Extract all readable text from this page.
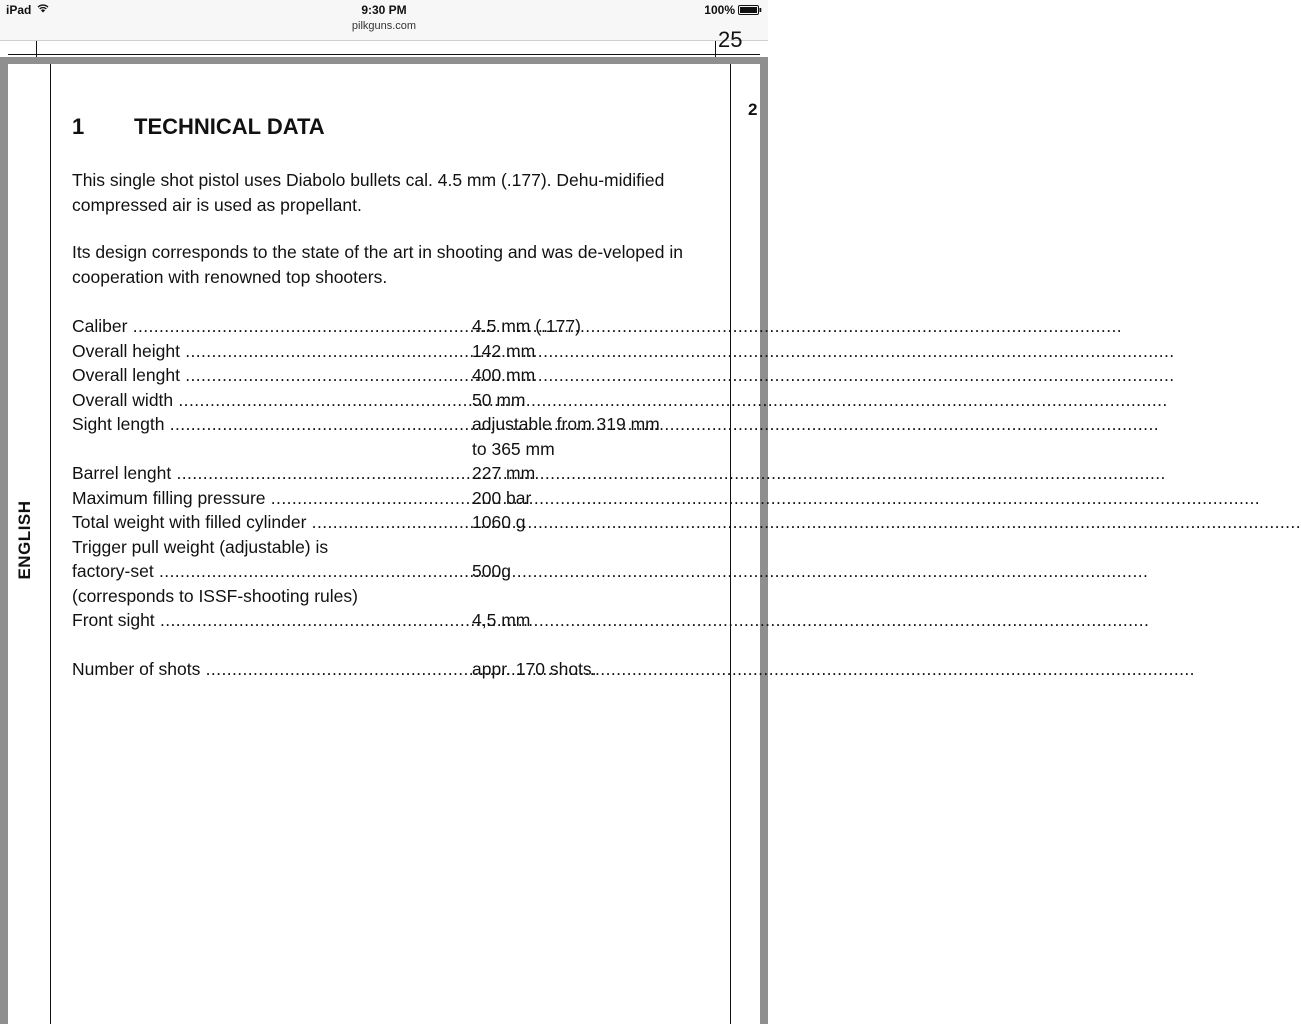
iPad	9:30 PM	100%
pilkguns.com
25
ENGLISH
2
1 TECHNICAL DATA

This single shot pistol uses Diabolo bullets cal. 4.5 mm (.177). Dehu-midified compressed air is used as propellant.

Its design corresponds to the state of the art in shooting and was de-veloped in cooperation with renowned top shooters.

Caliber .....	4.5 mm (.177)
Overall height .....	142 mm
Overall lenght .....	400 mm
Overall width .....	50 mm
Sight length .....	adjustable from 319 mm
to 365 mm
Barrel lenght .....	227 mm
Maximum filling pressure .....	200 bar
Total weight with filled cylinder .....	1060 g
Trigger pull weight (adjustable) is
factory-set .....	500g
(corresponds to ISSF-shooting rules)
Front sight .....	4,5 mm
Number of shots .....	appr. 170 shots.
